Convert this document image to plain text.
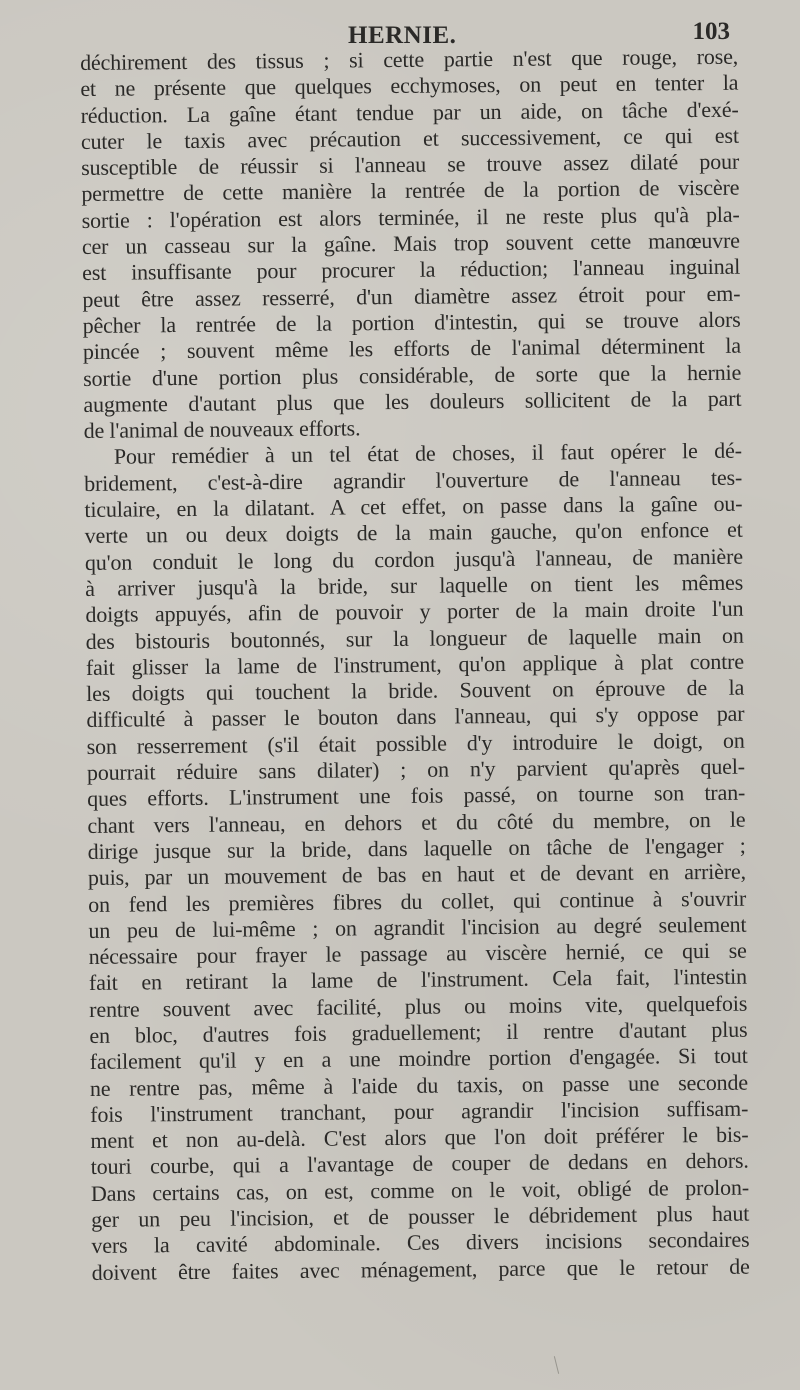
HERNIE.	103
déchirement des tissus ; si cette partie n'est que rouge, rose,
et ne présente que quelques ecchymoses, on peut en tenter la
réduction. La gaîne étant tendue par un aide, on tâche d'exé-
cuter le taxis avec précaution et successivement, ce qui est
susceptible de réussir si l'anneau se trouve assez dilaté pour
permettre de cette manière la rentrée de la portion de viscère
sortie : l'opération est alors terminée, il ne reste plus qu'à pla-
cer un casseau sur la gaîne. Mais trop souvent cette manœuvre
est insuffisante pour procurer la réduction; l'anneau inguinal
peut être assez resserré, d'un diamètre assez étroit pour em-
pêcher la rentrée de la portion d'intestin, qui se trouve alors
pincée ; souvent même les efforts de l'animal déterminent la
sortie d'une portion plus considérable, de sorte que la hernie
augmente d'autant plus que les douleurs sollicitent de la part
de l'animal de nouveaux efforts.
Pour remédier à un tel état de choses, il faut opérer le dé-
bridement, c'est-à-dire agrandir l'ouverture de l'anneau tes-
ticulaire, en la dilatant. A cet effet, on passe dans la gaîne ou-
verte un ou deux doigts de la main gauche, qu'on enfonce et
qu'on conduit le long du cordon jusqu'à l'anneau, de manière
à arriver jusqu'à la bride, sur laquelle on tient les mêmes
doigts appuyés, afin de pouvoir y porter de la main droite l'un
des bistouris boutonnés, sur la longueur de laquelle main on
fait glisser la lame de l'instrument, qu'on applique à plat contre
les doigts qui touchent la bride. Souvent on éprouve de la
difficulté à passer le bouton dans l'anneau, qui s'y oppose par
son resserrement (s'il était possible d'y introduire le doigt, on
pourrait réduire sans dilater) ; on n'y parvient qu'après quel-
ques efforts. L'instrument une fois passé, on tourne son tran-
chant vers l'anneau, en dehors et du côté du membre, on le
dirige jusque sur la bride, dans laquelle on tâche de l'engager ;
puis, par un mouvement de bas en haut et de devant en arrière,
on fend les premières fibres du collet, qui continue à s'ouvrir
un peu de lui-même ; on agrandit l'incision au degré seulement
nécessaire pour frayer le passage au viscère hernié, ce qui se
fait en retirant la lame de l'instrument. Cela fait, l'intestin
rentre souvent avec facilité, plus ou moins vite, quelquefois
en bloc, d'autres fois graduellement; il rentre d'autant plus
facilement qu'il y en a une moindre portion d'engagée. Si tout
ne rentre pas, même à l'aide du taxis, on passe une seconde
fois l'instrument tranchant, pour agrandir l'incision suffisam-
ment et non au-delà. C'est alors que l'on doit préférer le bis-
touri courbe, qui a l'avantage de couper de dedans en dehors.
Dans certains cas, on est, comme on le voit, obligé de prolon-
ger un peu l'incision, et de pousser le débridement plus haut
vers la cavité abdominale. Ces divers incisions secondaires
doivent être faites avec ménagement, parce que le retour de
